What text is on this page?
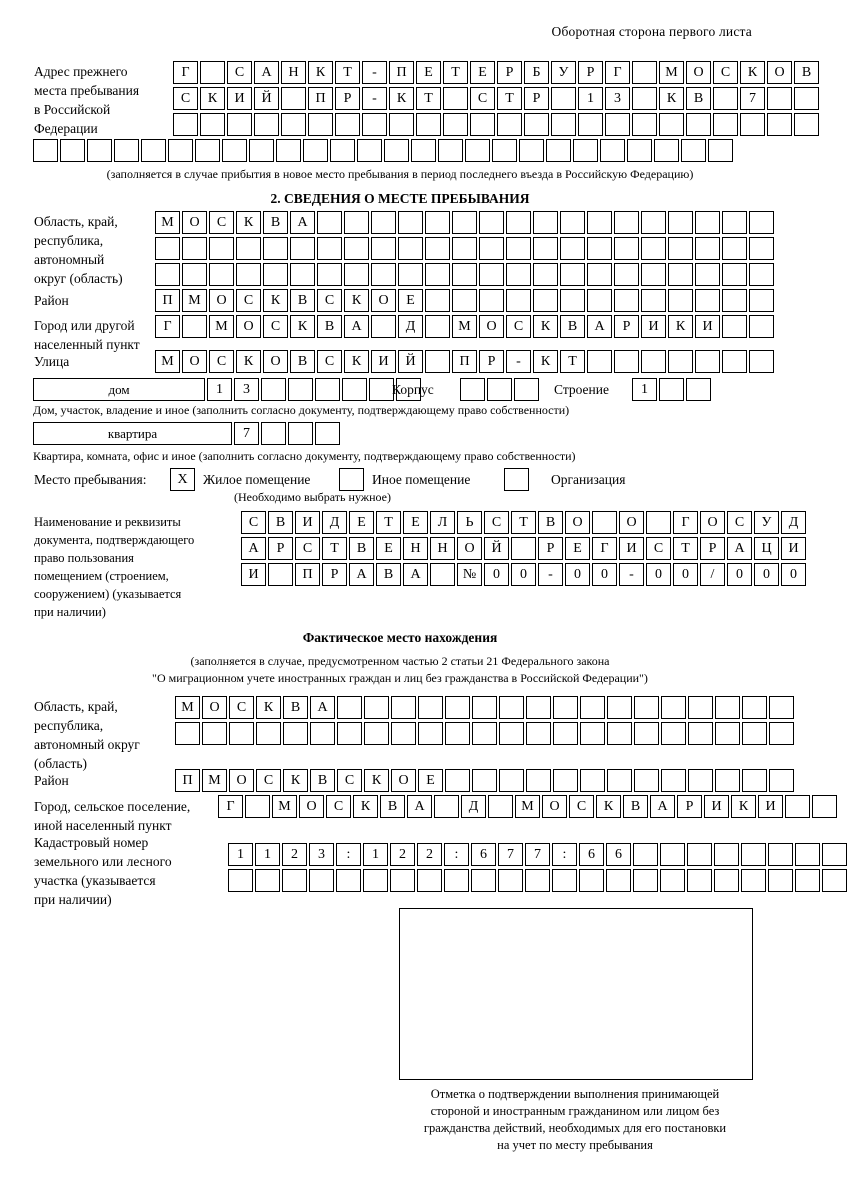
Оборотная сторона первого листа
Адрес прежнего
места пребывания
в Российской
Федерации
Г	С	А	Н	К	Т	-	П	Е	Т	Е	Р	Б	У	Р	Г	М	О	С	К	О	В
С	К	И	Й	П	Р	-	К	Т	С	Т	Р	1	3	К	В	7
(заполняется в случае прибытия в новое место пребывания в период последнего въезда в Российскую Федерацию)
2. СВЕДЕНИЯ О МЕСТЕ ПРЕБЫВАНИЯ
Область, край,
республика,
автономный
округ (область)
М	О	С	К	В	А
Район	П	М	О	С	К	В	С	К	О	Е
Город или другой
населенный пункт
Г	М	О	С	К	В	А	Д	М	О	С	К	В	А	Р	И	К	И
Улица	М	О	С	К	О	В	С	К	И	Й	П	Р	-	К	Т
дом	1	3	Корпус	Строение	1
Дом, участок, владение и иное (заполнить согласно документу, подтверждающему право собственности)
квартира	7
Квартира, комната, офис и иное (заполнить согласно документу, подтверждающему право собственности)
Место пребывания:	X	Жилое помещение	Иное помещение	Организация
(Необходимо выбрать нужное)
Наименование и реквизиты
документа, подтверждающего
право пользования
помещением (строением,
сооружением) (указывается
при наличии)
С	В	И	Д	Е	Т	Е	Л	Ь	С	Т	В	О	О	Г	О	С	У	Д
А	Р	С	Т	В	Е	Н	Н	О	Й	Р	Е	Г	И	С	Т	Р	А	Ц	И
И	П	Р	А	В	А	№	0	0	-	0	0	-	0	0	/	0	0	0
Фактическое место нахождения
(заполняется в случае, предусмотренном частью 2 статьи 21 Федерального закона
"О миграционном учете иностранных граждан и лиц без гражданства в Российской Федерации")
Область, край,
республика,
автономный округ
(область)
М	О	С	К	В	А
Район	П	М	О	С	К	В	С	К	О	Е
Город, сельское поселение,
иной населенный пункт
Г	М	О	С	К	В	А	Д	М	О	С	К	В	А	Р	И	К	И
Кадастровый номер
земельного или лесного
участка (указывается
при наличии)
1	1	2	3	:	1	2	2	:	6	7	7	:	6	6
Отметка о подтверждении выполнения принимающей
стороной и иностранным гражданином или лицом без
гражданства действий, необходимых для его постановки
на учет по месту пребывания
